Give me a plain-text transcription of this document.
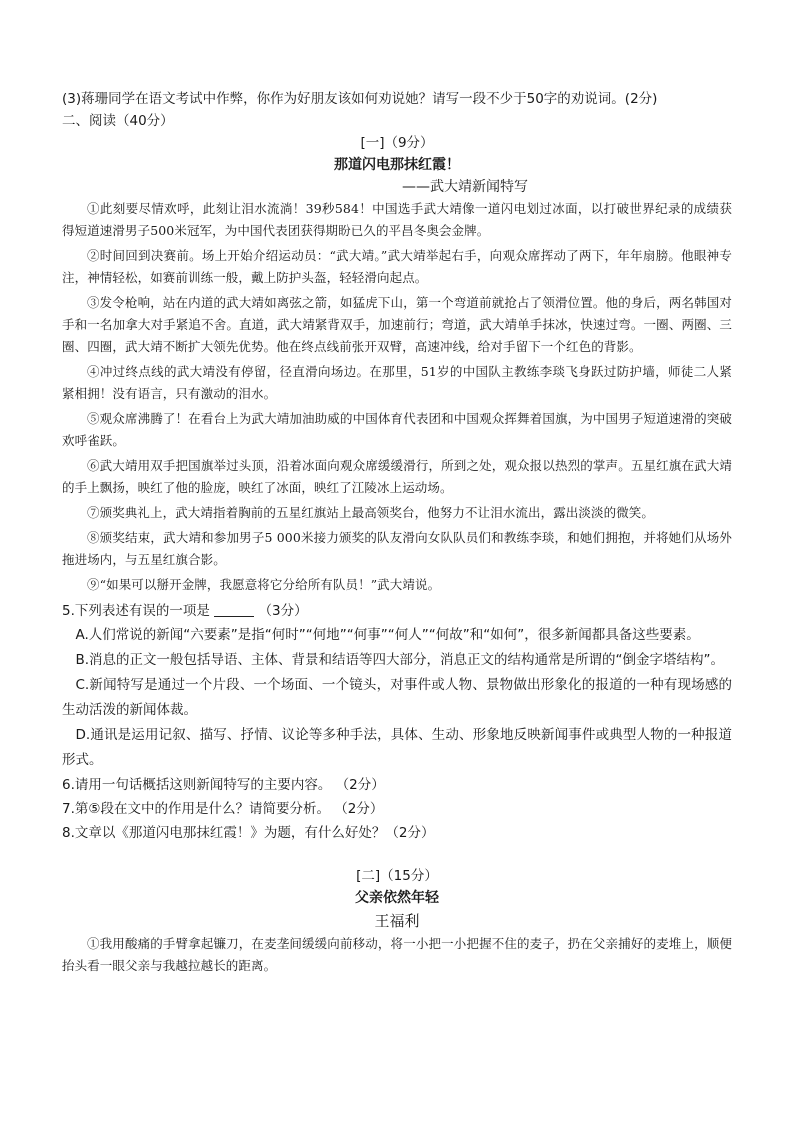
(3)蒋珊同学在语文考试中作弊，你作为好朋友该如何劝说她？请写一段不少于50字的劝说词。(2分)
二、阅读（40分）
[一]（9分）
那道闪电那抹红霞！
——武大靖新闻特写

①此刻要尽情欢呼，此刻让泪水流淌！39秒584！中国选手武大靖像一道闪电划过冰面，以打破世界纪录的成绩获得短道速滑男子500米冠军，为中国代表团获得期盼已久的平昌冬奥会金牌。

②时间回到决赛前。场上开始介绍运动员：“武大靖。”武大靖举起右手，向观众席挥动了两下，年年扇膀。他眼神专注，神情轻松，如赛前训练一般，戴上防护头盔，轻轻滑向起点。

③发令枪响，站在内道的武大靖如离弦之箭，如猛虎下山，第一个弯道前就抢占了领滑位置。他的身后，两名韩国对手和一名加拿大对手紧追不舍。直道，武大靖紧背双手，加速前行；弯道，武大靖单手抹冰，快速过弯。一圈、两圈、三圈、四圈，武大靖不断扩大领先优势。他在终点线前张开双臂，高速冲线，给对手留下一个红色的背影。

④冲过终点线的武大靖没有停留，径直滑向场边。在那里，51岁的中国队主教练李琰飞身跃过防护墙，师徒二人紧紧相拥！没有语言，只有激动的泪水。

⑤观众席沸腾了！在看台上为武大靖加油助威的中国体育代表团和中国观众挥舞着国旗，为中国男子短道速滑的突破欢呼雀跃。

⑥武大靖用双手把国旗举过头顶，沿着冰面向观众席缓缓滑行，所到之处，观众报以热烈的掌声。五星红旗在武大靖的手上飘扬，映红了他的脸庞，映红了冰面，映红了江陵冰上运动场。

⑦颁奖典礼上，武大靖指着胸前的五星红旗站上最高领奖台，他努力不让泪水流出，露出淡淡的微笑。

⑧颁奖结束，武大靖和参加男子5 000米接力颁奖的队友滑向女队队员们和教练李琰，和她们拥抱，并将她们从场外拖进场内，与五星红旗合影。

⑨“如果可以掰开金牌，我愿意将它分给所有队员！”武大靖说。

5.下列表述有误的一项是	（3分）
A.人们常说的新闻“六要素”是指“何时”“何地”“何事”“何人”“何故”和“如何”，很多新闻都具备这些要素。
B.消息的正文一般包括导语、主体、背景和结语等四大部分，消息正文的结构通常是所谓的“倒金字塔结构”。
C.新闻特写是通过一个片段、一个场面、一个镜头，对事件或人物、景物做出形象化的报道的一种有现场感的生动活泼的新闻体裁。
D.通讯是运用记叙、描写、抒情、议论等多种手法，具体、生动、形象地反映新闻事件或典型人物的一种报道形式。
6.请用一句话概括这则新闻特写的主要内容。 （2分）
7.第⑤段在文中的作用是什么？请简要分析。 （2分）
8.文章以《那道闪电那抹红霞！》为题，有什么好处？（2分）
[二]（15分）
父亲依然年轻
王福利

①我用酸痛的手臂拿起镰刀，在麦垄间缓缓向前移动，将一小把一小把握不住的麦子，扔在父亲捕好的麦堆上，顺便抬头看一眼父亲与我越拉越长的距离。
